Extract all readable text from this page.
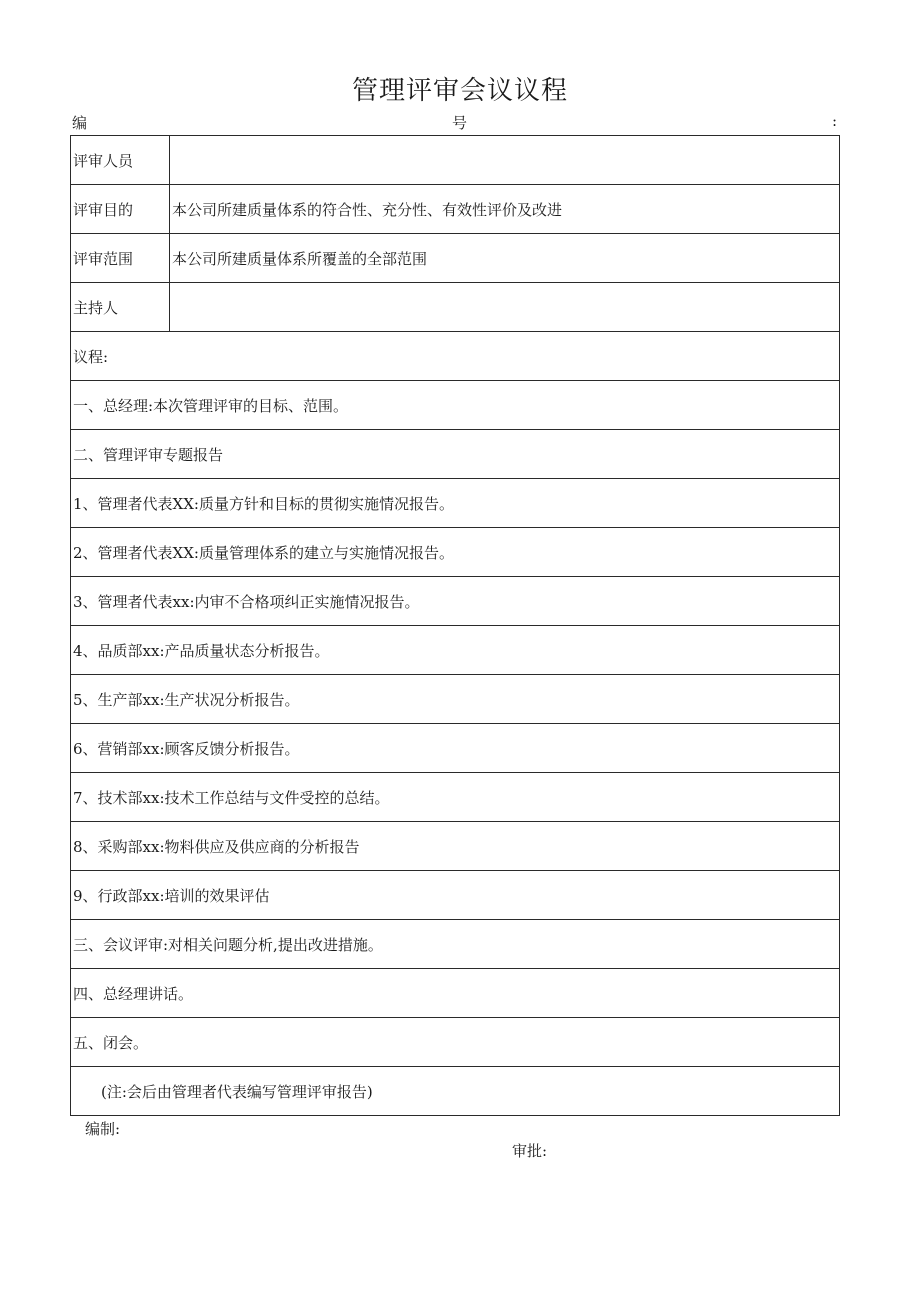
管理评审会议议程
编	号	:
评审人员	
评审目的	本公司所建质量体系的符合性、充分性、有效性评价及改进
评审范围	本公司所建质量体系所覆盖的全部范围
主持人	
议程:	
一、总经理:本次管理评审的目标、范围。	
二、管理评审专题报告	
1、管理者代表XX:质量方针和目标的贯彻实施情况报告。	
2、管理者代表XX:质量管理体系的建立与实施情况报告。	
3、管理者代表xx:内审不合格项纠正实施情况报告。	
4、品质部xx:产品质量状态分析报告。	
5、生产部xx:生产状况分析报告。	
6、营销部xx:顾客反馈分析报告。	
7、技术部xx:技术工作总结与文件受控的总结。	
8、采购部xx:物料供应及供应商的分析报告	
9、行政部xx:培训的效果评估	
三、会议评审:对相关问题分析,提出改进措施。	
四、总经理讲话。	
五、闭会。	
(注:会后由管理者代表编写管理评审报告)	
编制:
审批:
